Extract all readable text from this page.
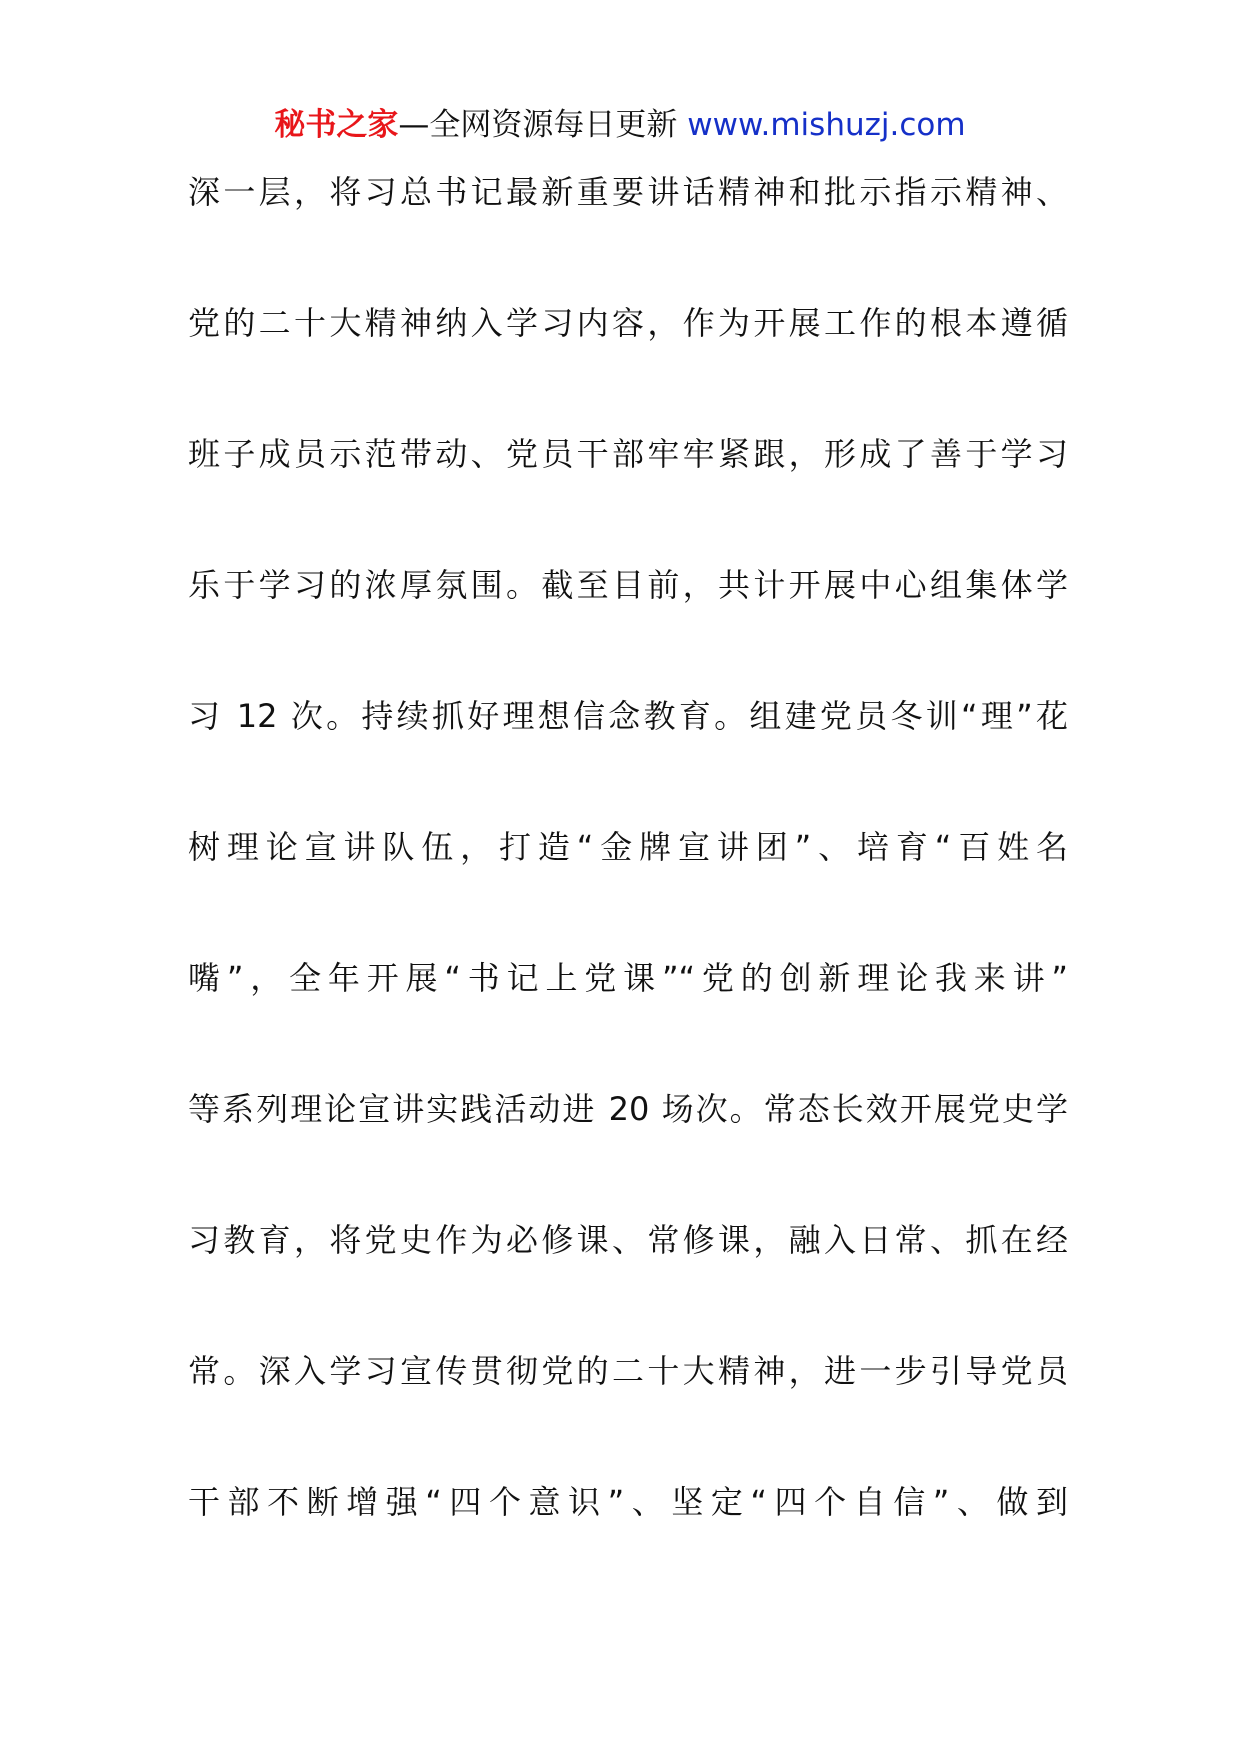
秘书之家—全网资源每日更新 www.mishuzj.com
深一层，将习总书记最新重要讲话精神和批示指示精神、
党的二十大精神纳入学习内容，作为开展工作的根本遵循
班子成员示范带动、党员干部牢牢紧跟，形成了善于学习
乐于学习的浓厚氛围。截至目前，共计开展中心组集体学
习 12 次。持续抓好理想信念教育。组建党员冬训“理”花
树理论宣讲队伍，打造“金牌宣讲团”、培育“百姓名
嘴”，全年开展“书记上党课”“党的创新理论我来讲”
等系列理论宣讲实践活动进 20 场次。常态长效开展党史学
习教育，将党史作为必修课、常修课，融入日常、抓在经
常。深入学习宣传贯彻党的二十大精神，进一步引导党员
干部不断增强“四个意识”、坚定“四个自信”、做到
